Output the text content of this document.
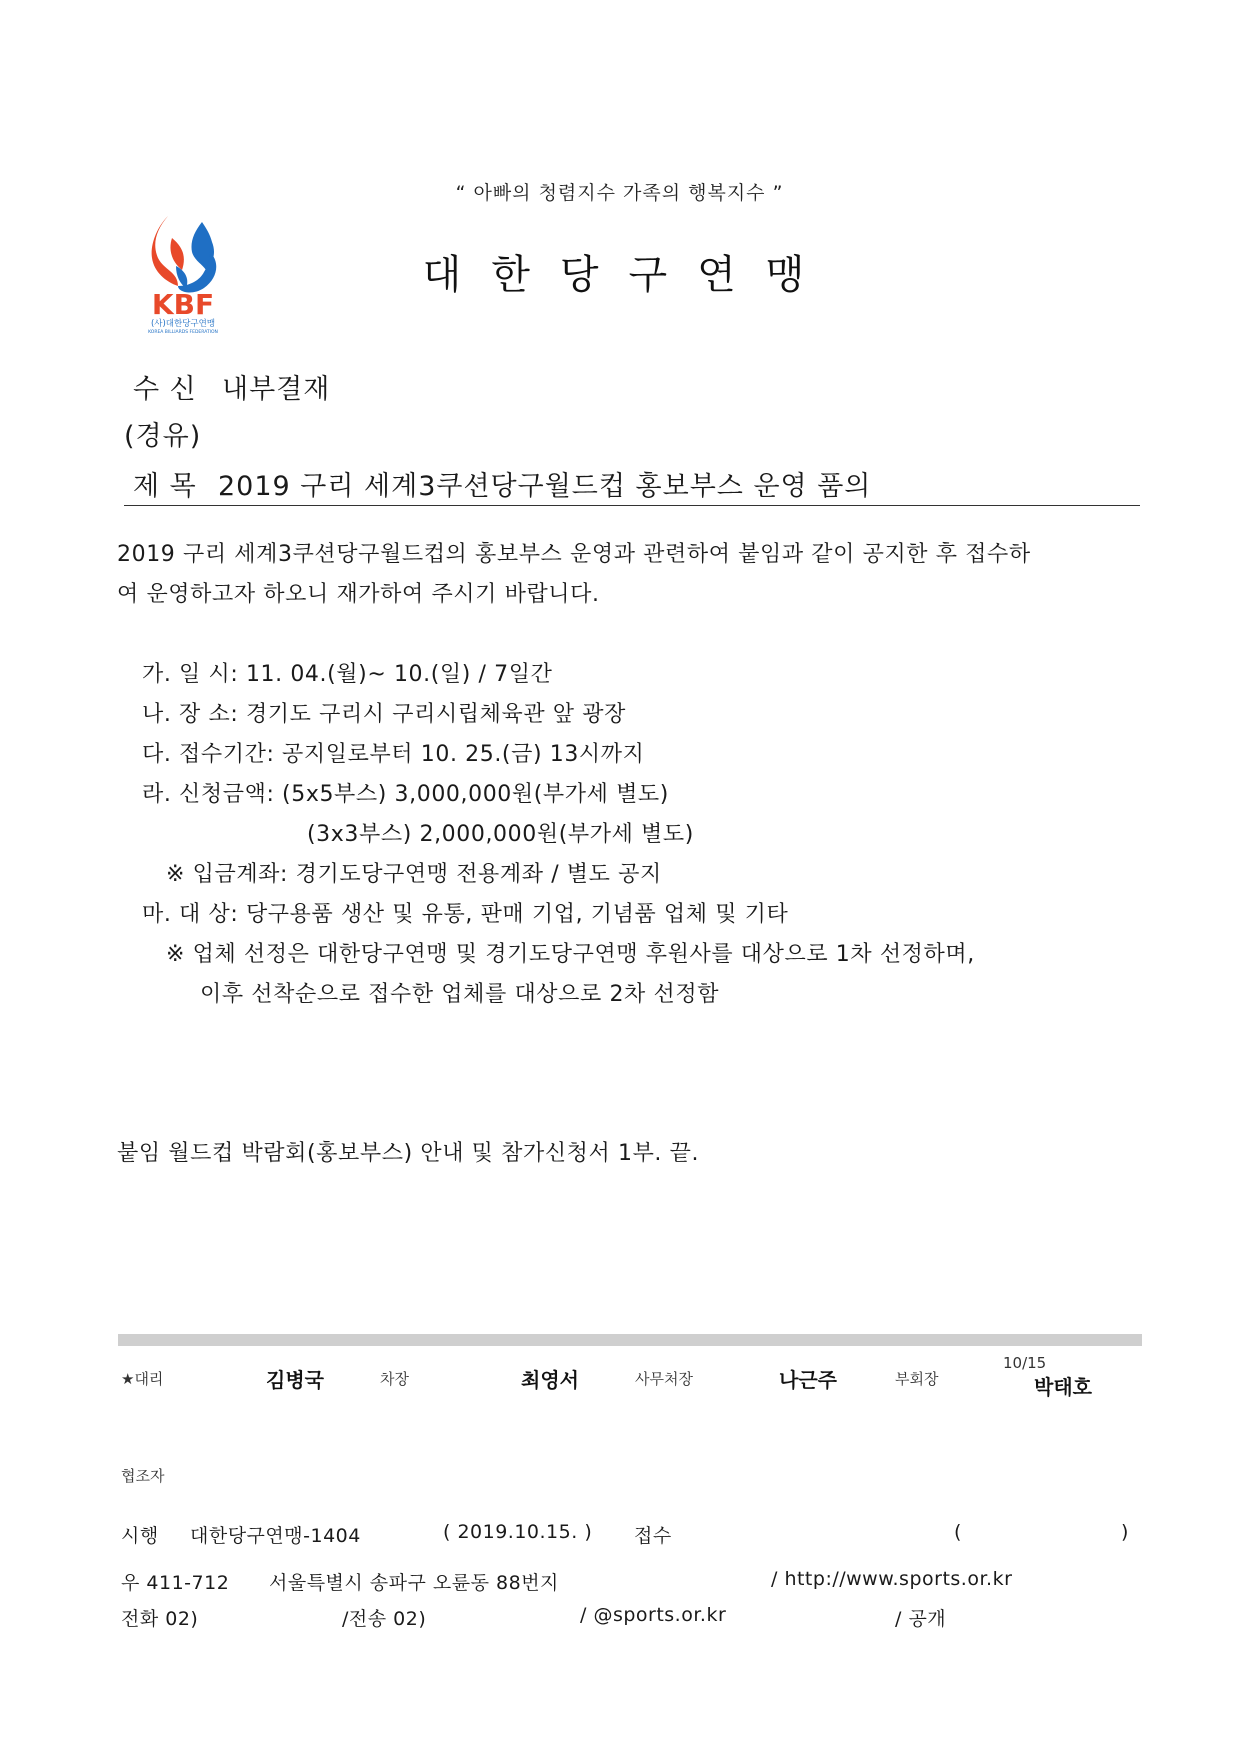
“ 아빠의 청렴지수 가족의 행복지수 ”
KBF
(사)대한당구연맹
KOREA BILLIARDS FEDERATION
대한당구연맹
수 신 내부결재
(경유)
제 목 2019 구리 세계3쿠션당구월드컵 홍보부스 운영 품의
2019 구리 세계3쿠션당구월드컵의 홍보부스 운영과 관련하여 붙임과 같이 공지한 후 접수하
여 운영하고자 하오니 재가하여 주시기 바랍니다.
가. 일 시: 11. 04.(월)~ 10.(일) / 7일간
나. 장 소: 경기도 구리시 구리시립체육관 앞 광장
다. 접수기간: 공지일로부터 10. 25.(금) 13시까지
라. 신청금액: (5x5부스) 3,000,000원(부가세 별도)
(3x3부스) 2,000,000원(부가세 별도)
※ 입금계좌: 경기도당구연맹 전용계좌 / 별도 공지
마. 대 상: 당구용품 생산 및 유통, 판매 기업, 기념품 업체 및 기타
※ 업체 선정은 대한당구연맹 및 경기도당구연맹 후원사를 대상으로 1차 선정하며,
이후 선착순으로 접수한 업체를 대상으로 2차 선정함
붙임 월드컵 박람회(홍보부스) 안내 및 참가신청서 1부. 끝.
★대리	김병국	차장	최영서	사무처장	나근주	부회장
10/15
박태호
협조자
시행 대한당구연맹-1404	( 2019.10.15. ) 접수	(	)
우 411-712 서울특별시 송파구 오륜동 88번지	/ http://www.sports.or.kr
전화 02)	/전송 02)	/ @sports.or.kr	/ 공개
